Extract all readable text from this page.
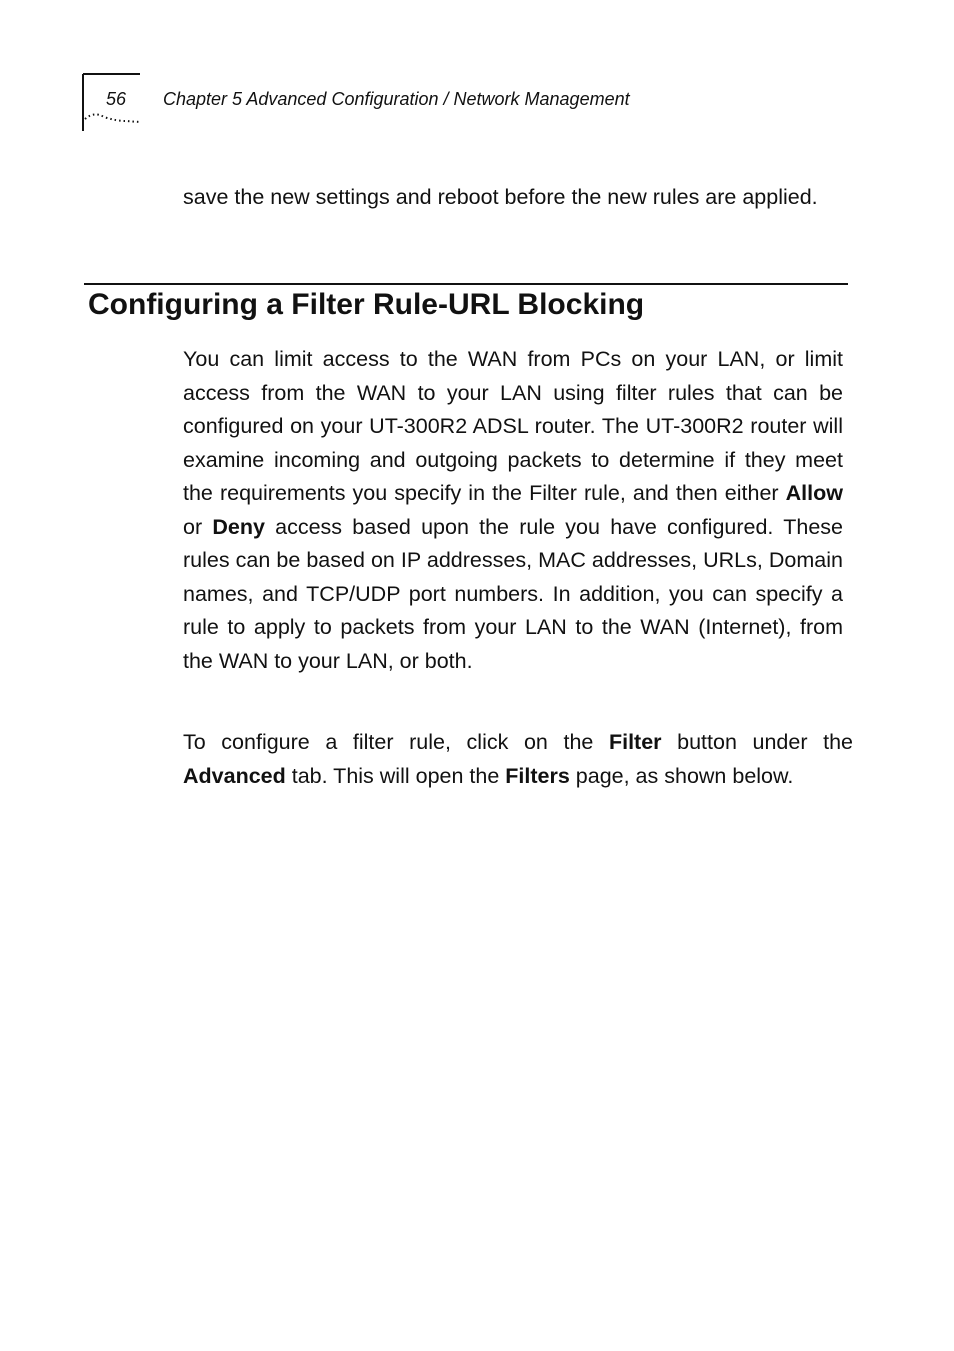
56 Chapter 5 Advanced Configuration / Network Management

save the new settings and reboot before the new rules are applied.

Configuring a Filter Rule-URL Blocking

You can limit access to the WAN from PCs on your LAN, or limit access from the WAN to your LAN using filter rules that can be configured on your UT-300R2 ADSL router. The UT-300R2 router will examine incoming and outgoing packets to determine if they meet the requirements you specify in the Filter rule, and then either Allow or Deny access based upon the rule you have configured. These rules can be based on IP addresses, MAC addresses, URLs, Domain names, and TCP/UDP port numbers. In addition, you can specify a rule to apply to packets from your LAN to the WAN (Internet), from the WAN to your LAN, or both.

To configure a filter rule, click on the Filter button under the Advanced tab. This will open the Filters page, as shown below.
